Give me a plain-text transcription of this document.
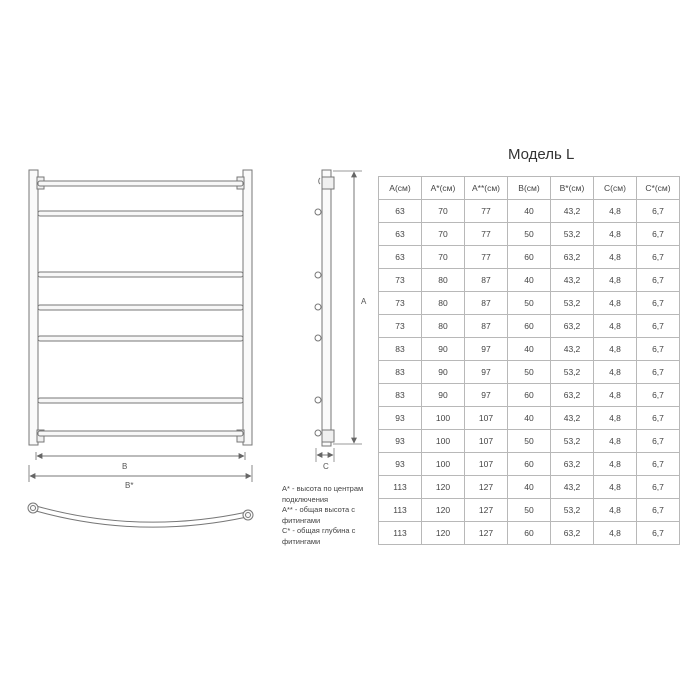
B
B*
A
C
A* - высота по центрам подключения
A** - общая высота с фитингами
C* - общая глубина с фитингами
Модель L
A(см)	A*(см)	A**(см)	B(см)	B*(см)	C(см)	C*(см)
63	70	77	40	43,2	4,8	6,7
63	70	77	50	53,2	4,8	6,7
63	70	77	60	63,2	4,8	6,7
73	80	87	40	43,2	4,8	6,7
73	80	87	50	53,2	4,8	6,7
73	80	87	60	63,2	4,8	6,7
83	90	97	40	43,2	4,8	6,7
83	90	97	50	53,2	4,8	6,7
83	90	97	60	63,2	4,8	6,7
93	100	107	40	43,2	4,8	6,7
93	100	107	50	53,2	4,8	6,7
93	100	107	60	63,2	4,8	6,7
113	120	127	40	43,2	4,8	6,7
113	120	127	50	53,2	4,8	6,7
113	120	127	60	63,2	4,8	6,7
